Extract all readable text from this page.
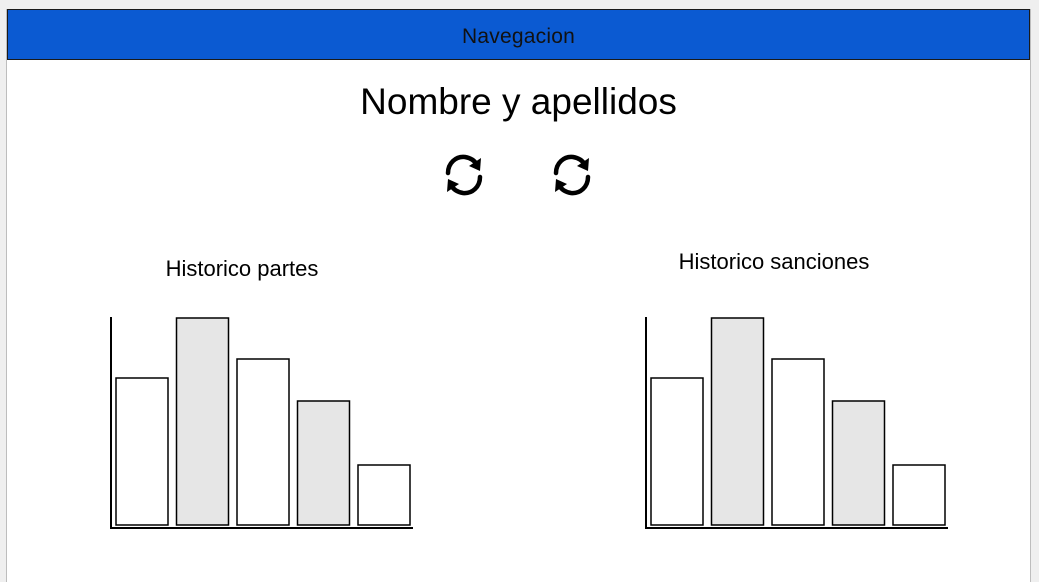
Navegacion
Nombre y apellidos
Historico partes	Historico sanciones
